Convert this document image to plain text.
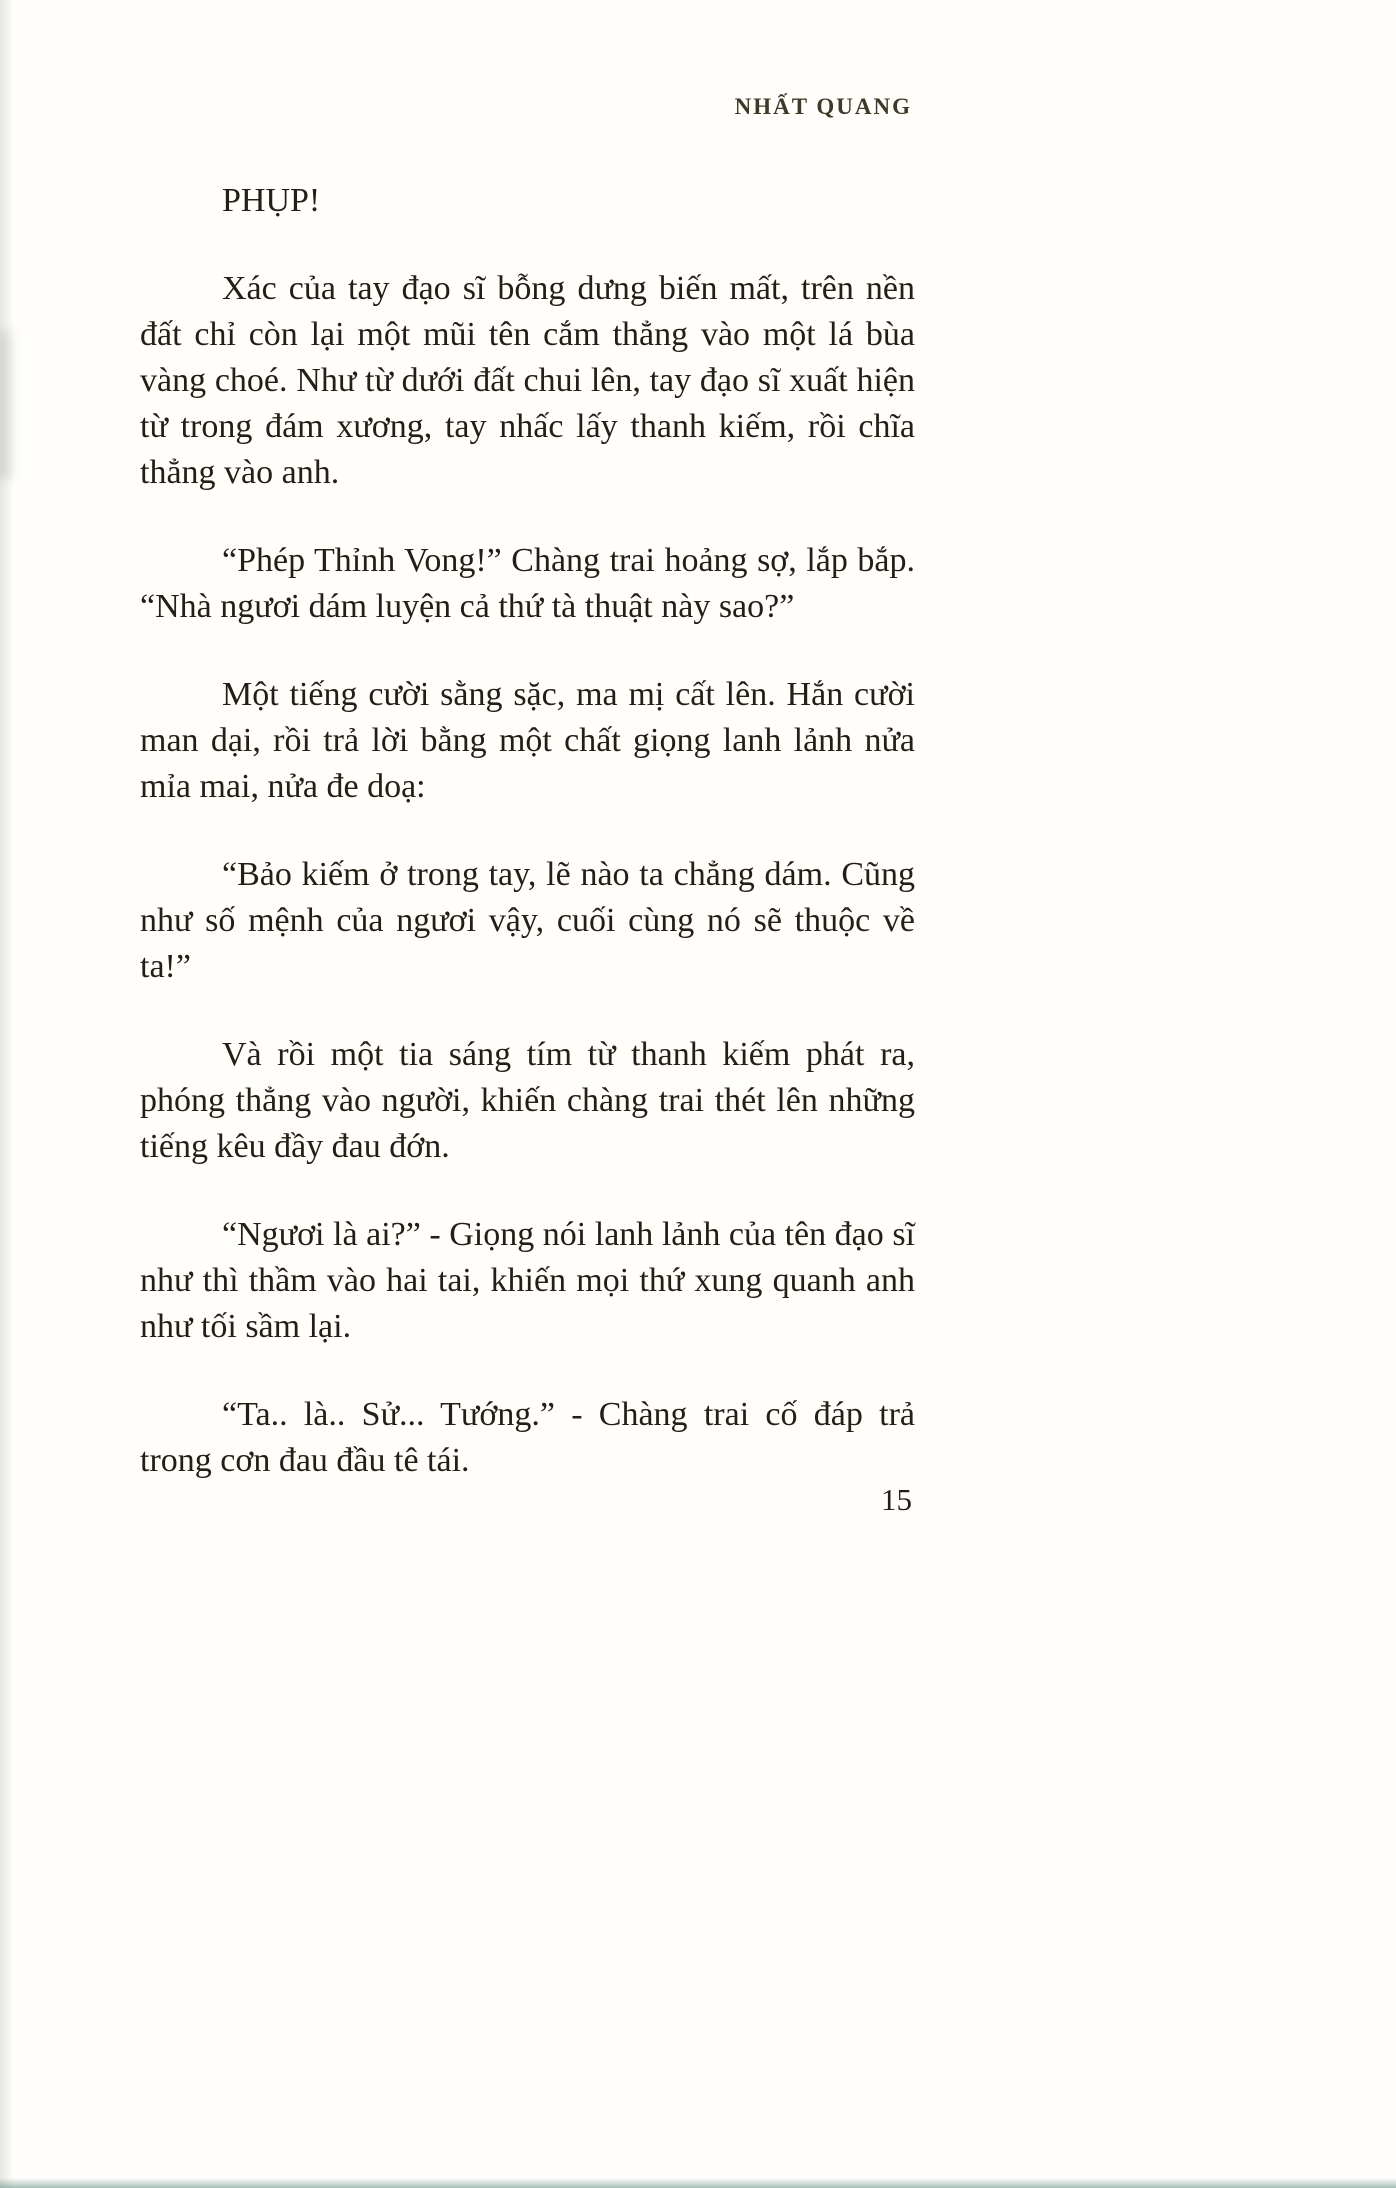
NHẤT QUANG

PHỤP!

Xác của tay đạo sĩ bỗng dưng biến mất, trên nền đất chỉ còn lại một mũi tên cắm thẳng vào một lá bùa vàng choé. Như từ dưới đất chui lên, tay đạo sĩ xuất hiện từ trong đám xương, tay nhấc lấy thanh kiếm, rồi chĩa thẳng vào anh.

“Phép Thỉnh Vong!” Chàng trai hoảng sợ, lắp bắp. “Nhà ngươi dám luyện cả thứ tà thuật này sao?”

Một tiếng cười sằng sặc, ma mị cất lên. Hắn cười man dại, rồi trả lời bằng một chất giọng lanh lảnh nửa mỉa mai, nửa đe doạ:

“Bảo kiếm ở trong tay, lẽ nào ta chẳng dám. Cũng như số mệnh của ngươi vậy, cuối cùng nó sẽ thuộc về ta!”

Và rồi một tia sáng tím từ thanh kiếm phát ra, phóng thẳng vào người, khiến chàng trai thét lên những tiếng kêu đầy đau đớn.

“Ngươi là ai?” - Giọng nói lanh lảnh của tên đạo sĩ như thì thầm vào hai tai, khiến mọi thứ xung quanh anh như tối sầm lại.

“Ta.. là.. Sử... Tướng.” - Chàng trai cố đáp trả trong cơn đau đầu tê tái.

15
